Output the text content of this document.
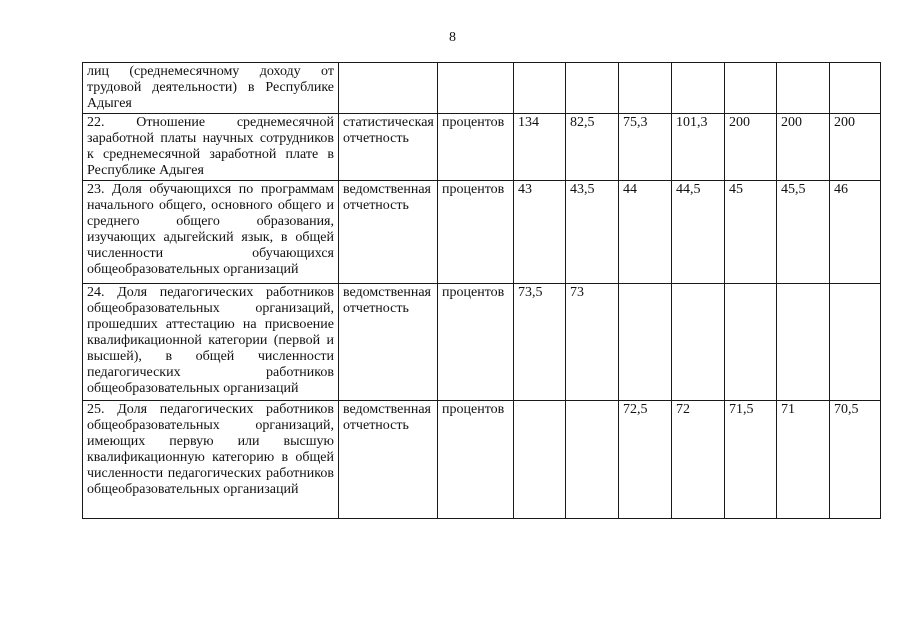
8
лиц (среднемесячному доходу от трудовой деятельности) в Республике Адыгея									
22. Отношение среднемесячной заработной платы научных сотрудников к среднемесячной заработной плате в Республике Адыгея	статистическая отчетность	процентов	134	82,5	75,3	101,3	200	200	200
23. Доля обучающихся по программам начального общего, основного общего и среднего общего образования, изучающих адыгейский язык, в общей численности обучающихся общеобразовательных организаций	ведомственная отчетность	процентов	43	43,5	44	44,5	45	45,5	46
24. Доля педагогических работников общеобразовательных организаций, прошедших аттестацию на присвоение квалификационной категории (первой и высшей), в общей численности педагогических работников общеобразовательных организаций	ведомственная отчетность	процентов	73,5	73					
25. Доля педагогических работников общеобразовательных организаций, имеющих первую или высшую квалификационную категорию в общей численности педагогических работников общеобразовательных организаций	ведомственная отчетность	процентов			72,5	72	71,5	71	70,5
